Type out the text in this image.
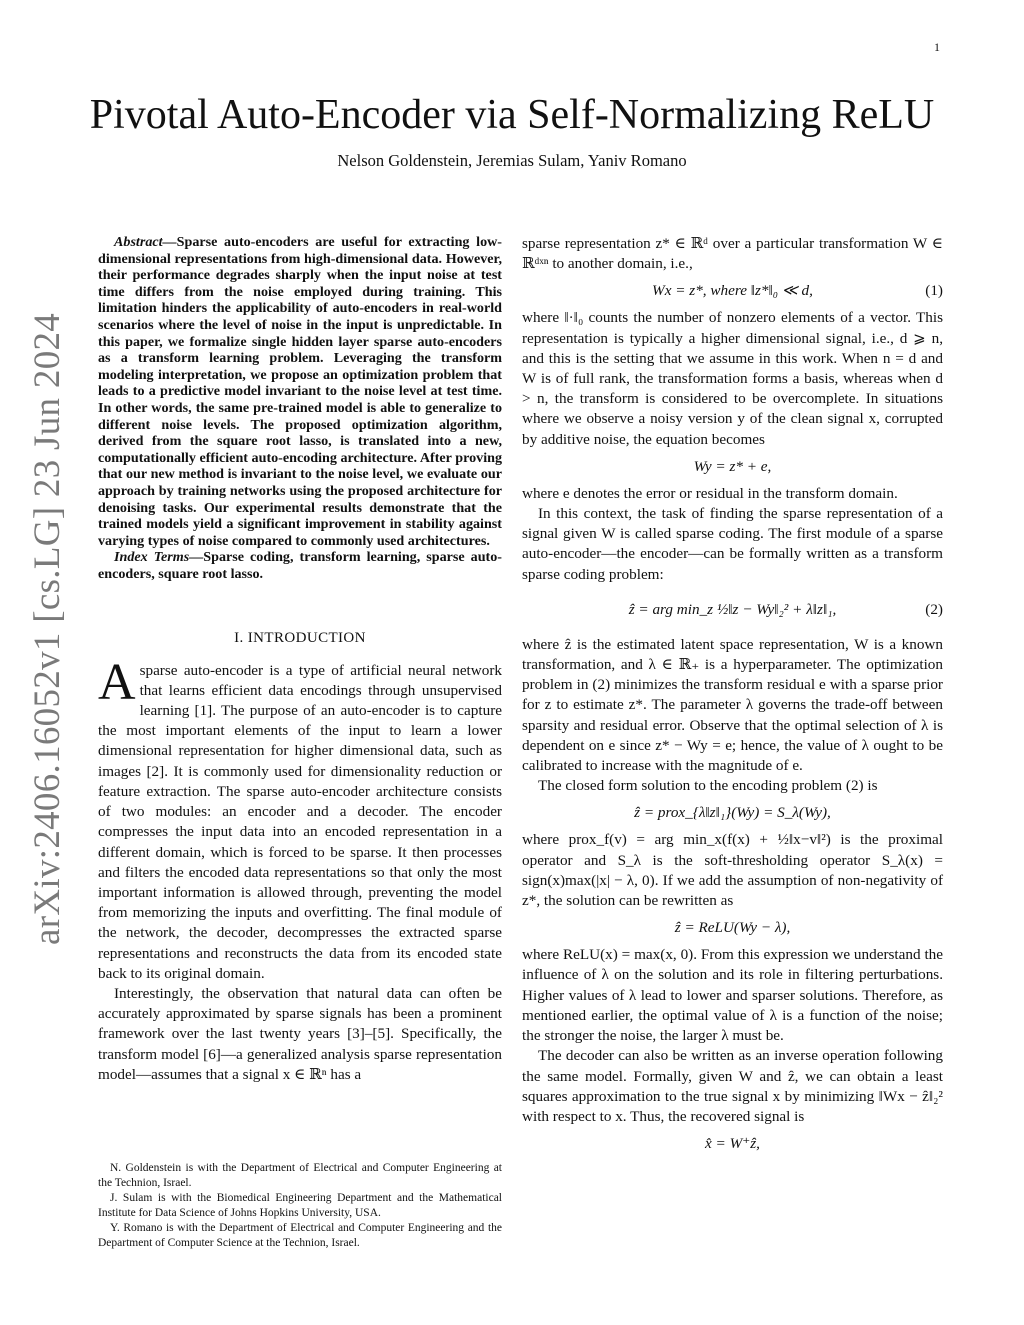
1
arXiv:2406.16052v1 [cs.LG] 23 Jun 2024
Pivotal Auto-Encoder via Self-Normalizing ReLU
Nelson Goldenstein, Jeremias Sulam, Yaniv Romano

Abstract—Sparse auto-encoders are useful for extracting low-dimensional representations from high-dimensional data. However, their performance degrades sharply when the input noise at test time differs from the noise employed during training. This limitation hinders the applicability of auto-encoders in real-world scenarios where the level of noise in the input is unpredictable. In this paper, we formalize single hidden layer sparse auto-encoders as a transform learning problem. Leveraging the transform modeling interpretation, we propose an optimization problem that leads to a predictive model invariant to the noise level at test time. In other words, the same pre-trained model is able to generalize to different noise levels. The proposed optimization algorithm, derived from the square root lasso, is translated into a new, computationally efficient auto-encoding architecture. After proving that our new method is invariant to the noise level, we evaluate our approach by training networks using the proposed architecture for denoising tasks. Our experimental results demonstrate that the trained models yield a significant improvement in stability against varying types of noise compared to commonly used architectures.

Index Terms—Sparse coding, transform learning, sparse auto-encoders, square root lasso.

I. INTRODUCTION

Asparse auto-encoder is a type of artificial neural network that learns efficient data encodings through unsupervised learning [1]. The purpose of an auto-encoder is to capture the most important elements of the input to learn a lower dimensional representation for higher dimensional data, such as images [2]. It is commonly used for dimensionality reduction or feature extraction. The sparse auto-encoder architecture consists of two modules: an encoder and a decoder. The encoder compresses the input data into an encoded representation in a different domain, which is forced to be sparse. It then processes and filters the encoded data representations so that only the most important information is allowed through, preventing the model from memorizing the inputs and overfitting. The final module of the network, the decoder, decompresses the extracted sparse representations and reconstructs the data from its encoded state back to its original domain.

Interestingly, the observation that natural data can often be accurately approximated by sparse signals has been a prominent framework over the last twenty years [3]–[5]. Specifically, the transform model [6]—a generalized analysis sparse representation model—assumes that a signal x ∈ ℝⁿ has a

N. Goldenstein is with the Department of Electrical and Computer Engineering at the Technion, Israel.

J. Sulam is with the Biomedical Engineering Department and the Mathematical Institute for Data Science of Johns Hopkins University, USA.

Y. Romano is with the Department of Electrical and Computer Engineering and the Department of Computer Science at the Technion, Israel.

sparse representation z* ∈ ℝᵈ over a particular transformation W ∈ ℝᵈˣⁿ to another domain, i.e.,

Wx = z*, where ‖z*‖₀ ≪ d,	(1)

where ‖·‖₀ counts the number of nonzero elements of a vector. This representation is typically a higher dimensional signal, i.e., d ⩾ n, and this is the setting that we assume in this work. When n = d and W is of full rank, the transformation forms a basis, whereas when d > n, the transform is considered to be overcomplete. In situations where we observe a noisy version y of the clean signal x, corrupted by additive noise, the equation becomes

Wy = z* + e,

where e denotes the error or residual in the transform domain.

In this context, the task of finding the sparse representation of a signal given W is called sparse coding. The first module of a sparse auto-encoder—the encoder—can be formally written as a transform sparse coding problem:

ẑ = arg min_z ½‖z − Wy‖₂² + λ‖z‖₁,	(2)

where ẑ is the estimated latent space representation, W is a known transformation, and λ ∈ ℝ₊ is a hyperparameter. The optimization problem in (2) minimizes the transform residual e with a sparse prior for z to estimate z*. The parameter λ governs the trade-off between sparsity and residual error. Observe that the optimal selection of λ is dependent on e since z* − Wy = e; hence, the value of λ ought to be calibrated to increase with the magnitude of e.

The closed form solution to the encoding problem (2) is

ẑ = prox_{λ‖z‖₁}(Wy) = S_λ(Wy),

where prox_f(v) = arg min_x(f(x) + ½‖x−v‖²) is the proximal operator and S_λ is the soft-thresholding operator S_λ(x) = sign(x)max(|x| − λ, 0). If we add the assumption of non-negativity of z*, the solution can be rewritten as

ẑ = ReLU(Wy − λ),

where ReLU(x) = max(x, 0). From this expression we understand the influence of λ on the solution and its role in filtering perturbations. Higher values of λ lead to lower and sparser solutions. Therefore, as mentioned earlier, the optimal value of λ is a function of the noise; the stronger the noise, the larger λ must be.

The decoder can also be written as an inverse operation following the same model. Formally, given W and ẑ, we can obtain a least squares approximation to the true signal x by minimizing ‖Wx − ẑ‖₂² with respect to x. Thus, the recovered signal is

x̂ = W⁺ẑ,
